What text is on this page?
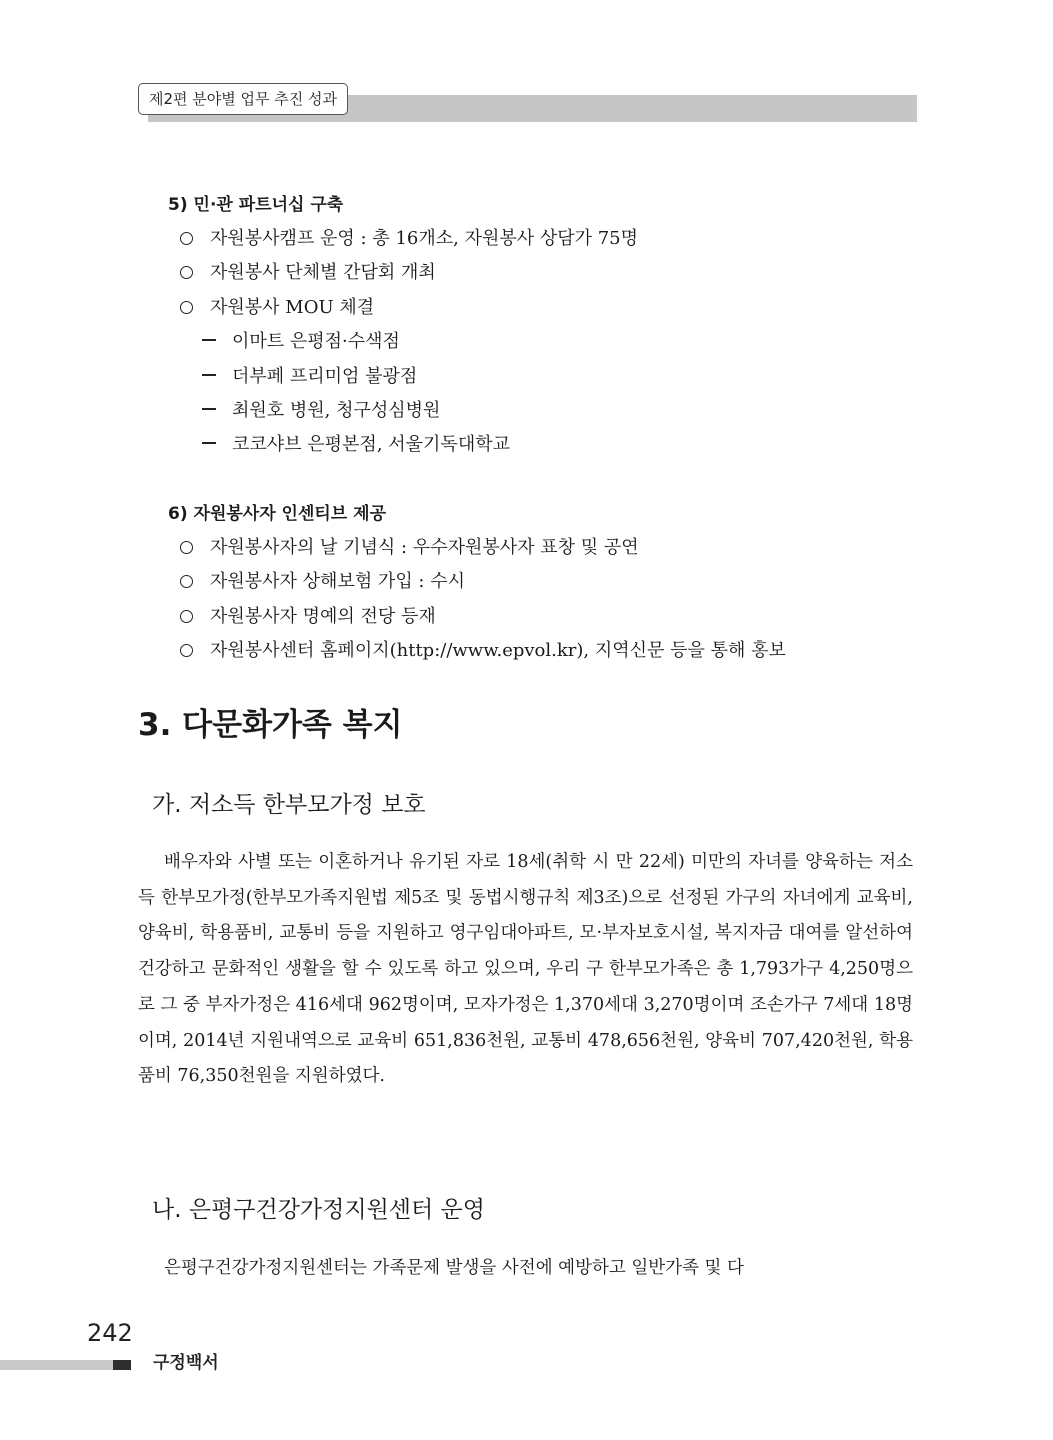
제2편 분야별 업무 추진 성과
5) 민·관 파트너십 구축
자원봉사캠프 운영 : 총 16개소, 자원봉사 상담가 75명
자원봉사 단체별 간담회 개최
자원봉사 MOU 체결
이마트 은평점·수색점
더부페 프리미엄 불광점
최원호 병원, 청구성심병원
코코샤브 은평본점, 서울기독대학교
6) 자원봉사자 인센티브 제공
자원봉사자의 날 기념식 : 우수자원봉사자 표창 및 공연
자원봉사자 상해보험 가입 : 수시
자원봉사자 명예의 전당 등재
자원봉사센터 홈페이지(http://www.epvol.kr), 지역신문 등을 통해 홍보
3. 다문화가족 복지
가. 저소득 한부모가정 보호

배우자와 사별 또는 이혼하거나 유기된 자로 18세(취학 시 만 22세) 미만의 자녀를 양육하는 저소득 한부모가정(한부모가족지원법 제5조 및 동법시행규칙 제3조)으로 선정된 가구의 자녀에게 교육비, 양육비, 학용품비, 교통비 등을 지원하고 영구임대아파트, 모·부자보호시설, 복지자금 대여를 알선하여 건강하고 문화적인 생활을 할 수 있도록 하고 있으며, 우리 구 한부모가족은 총 1,793가구 4,250명으로 그 중 부자가정은 416세대 962명이며, 모자가정은 1,370세대 3,270명이며 조손가구 7세대 18명이며, 2014년 지원내역으로 교육비 651,836천원, 교통비 478,656천원, 양육비 707,420천원, 학용품비 76,350천원을 지원하였다.

나. 은평구건강가정지원센터 운영

은평구건강가정지원센터는 가족문제 발생을 사전에 예방하고 일반가족 및 다

242
구정백서
